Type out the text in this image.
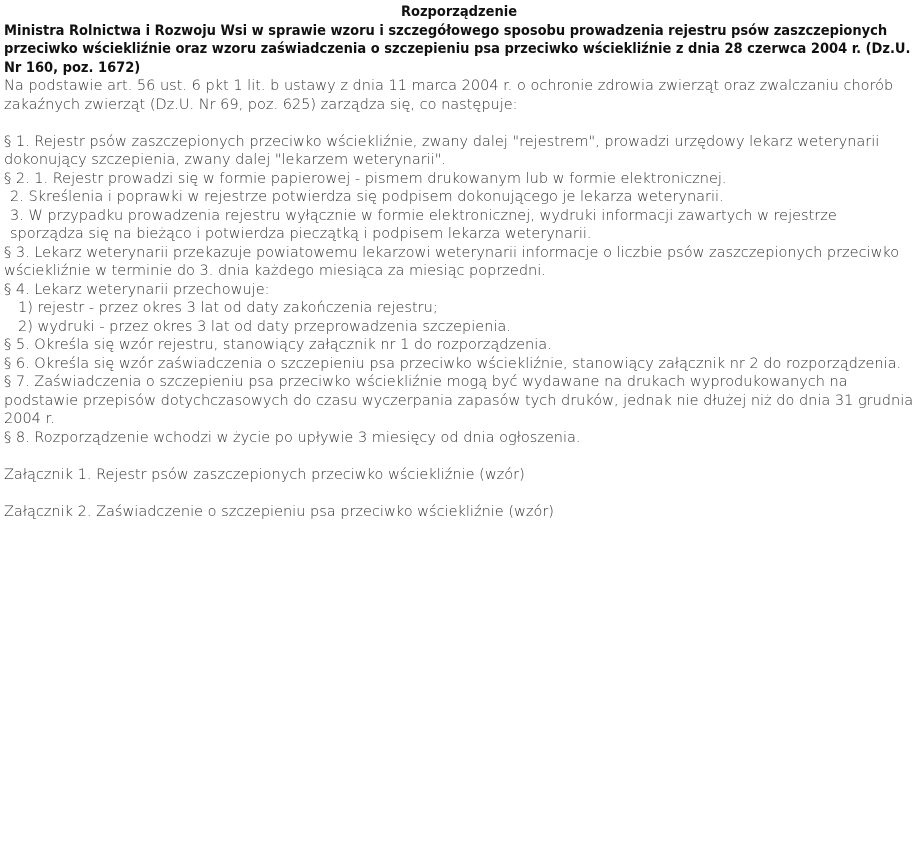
Rozporządzenie

Ministra Rolnictwa i Rozwoju Wsi w sprawie wzoru i szczegółowego sposobu prowadzenia rejestru psów zaszczepionych przeciwko wściekliźnie oraz wzoru zaświadczenia o szczepieniu psa przeciwko wściekliźnie z dnia 28 czerwca 2004 r. (Dz.U. Nr 160, poz. 1672)

Na podstawie art. 56 ust. 6 pkt 1 lit. b ustawy z dnia 11 marca 2004 r. o ochronie zdrowia zwierząt oraz zwalczaniu chorób zakaźnych zwierząt (Dz.U. Nr 69, poz. 625) zarządza się, co następuje:

§ 1. Rejestr psów zaszczepionych przeciwko wściekliźnie, zwany dalej "rejestrem", prowadzi urzędowy lekarz weterynarii dokonujący szczepienia, zwany dalej "lekarzem weterynarii".

§ 2. 1. Rejestr prowadzi się w formie papierowej - pismem drukowanym lub w formie elektronicznej.

2. Skreślenia i poprawki w rejestrze potwierdza się podpisem dokonującego je lekarza weterynarii.

3. W przypadku prowadzenia rejestru wyłącznie w formie elektronicznej, wydruki informacji zawartych w rejestrze sporządza się na bieżąco i potwierdza pieczątką i podpisem lekarza weterynarii.

§ 3. Lekarz weterynarii przekazuje powiatowemu lekarzowi weterynarii informacje o liczbie psów zaszczepionych przeciwko wściekliźnie w terminie do 3. dnia każdego miesiąca za miesiąc poprzedni.

§ 4. Lekarz weterynarii przechowuje:

1) rejestr - przez okres 3 lat od daty zakończenia rejestru;

2) wydruki - przez okres 3 lat od daty przeprowadzenia szczepienia.

§ 5. Określa się wzór rejestru, stanowiący załącznik nr 1 do rozporządzenia.

§ 6. Określa się wzór zaświadczenia o szczepieniu psa przeciwko wściekliźnie, stanowiący załącznik nr 2 do rozporządzenia.

§ 7. Zaświadczenia o szczepieniu psa przeciwko wściekliźnie mogą być wydawane na drukach wyprodukowanych na podstawie przepisów dotychczasowych do czasu wyczerpania zapasów tych druków, jednak nie dłużej niż do dnia 31 grudnia 2004 r.

§ 8. Rozporządzenie wchodzi w życie po upływie 3 miesięcy od dnia ogłoszenia.

Załącznik 1. Rejestr psów zaszczepionych przeciwko wściekliźnie (wzór)

Załącznik 2. Zaświadczenie o szczepieniu psa przeciwko wściekliźnie (wzór)
